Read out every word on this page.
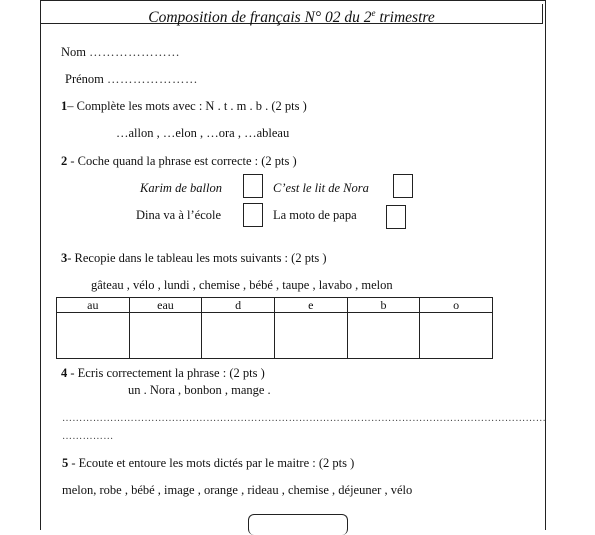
Composition de français N° 02 du 2e trimestre
Nom …………………
Prénom …………………
1– Complète les mots avec : N . t . m . b . (2 pts )
…allon , …elon , …ora , …ableau
2 - Coche quand la phrase est correcte : (2 pts )
Karim de ballon	C’est le lit de Nora
Dina va à l’école	La moto de papa
3- Recopie dans le tableau les mots suivants : (2 pts )
gâteau , vélo , lundi , chemise , bébé , taupe , lavabo , melon
au	eau	d	e	b	o

4 - Ecris correctement la phrase : (2 pts )
un . Nora , bonbon , mange .
……………………………………………………………………………………………………………………………
……………
5 - Ecoute et entoure les mots dictés par le maitre : (2 pts )
melon, robe , bébé , image , orange , rideau , chemise , déjeuner , vélo
